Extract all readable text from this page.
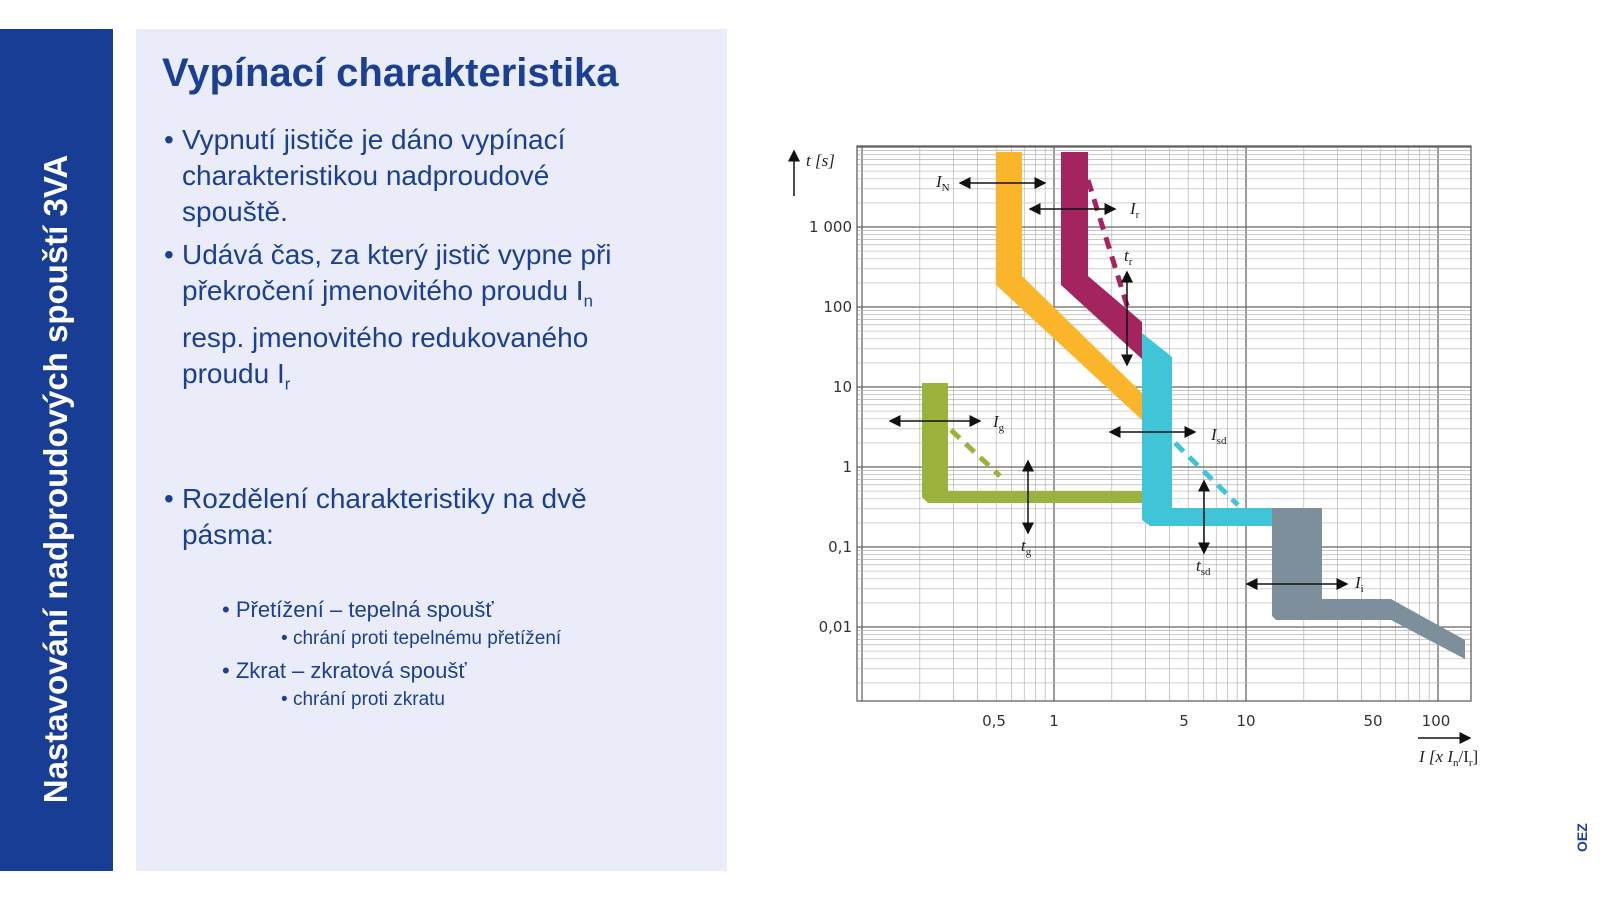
Nastavování nadproudových spouští 3VA
Vypínací charakteristika
• Vypnutí jističe je dáno vypínací
charakteristikou nadproudové
spouště.
• Udává čas, za který jistič vypne při
překročení jmenovitého proudu $I_n$
resp. jmenovitého redukovaného
proudu $I_r$
• Rozdělení charakteristiky na dvě
pásma:
• Přetížení – tepelná spoušť
• chrání proti tepelnému přetížení
• Zkrat – zkratová spoušť
• chrání proti zkratu
t [s]
I [x $I_n/I_r$]
1 000
100
10
1
0,1
0,01
0,5	1	5	10	50	100
$I_N$
$I_r$
$t_r$
$I_g$	$I_{sd}$
$t_g$
$t_{sd}$
$I_i$
OEZ
